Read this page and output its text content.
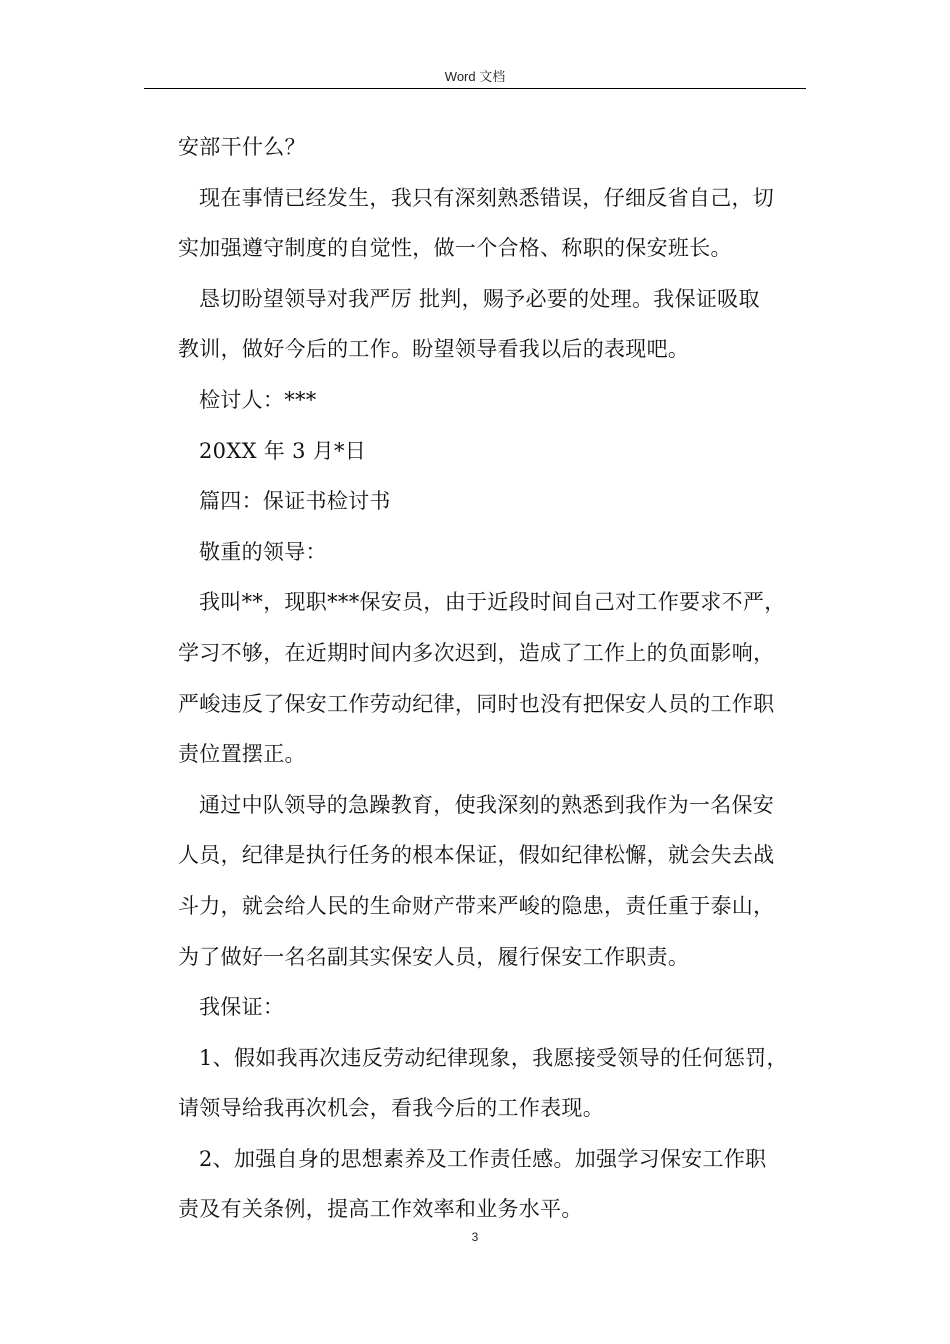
Word 文档
安部干什么？
现在事情已经发生，我只有深刻熟悉错误，仔细反省自己，切
实加强遵守制度的自觉性，做一个合格、称职的保安班长。
恳切盼望领导对我严厉 批判，赐予必要的处理。我保证吸取
教训，做好今后的工作。盼望领导看我以后的表现吧。
检讨人：***
20XX 年 3 月*日
篇四：保证书检讨书
敬重的领导：
我叫**，现职***保安员，由于近段时间自己对工作要求不严，
学习不够，在近期时间内多次迟到，造成了工作上的负面影响，
严峻违反了保安工作劳动纪律，同时也没有把保安人员的工作职
责位置摆正。
通过中队领导的急躁教育，使我深刻的熟悉到我作为一名保安
人员，纪律是执行任务的根本保证，假如纪律松懈，就会失去战
斗力，就会给人民的生命财产带来严峻的隐患，责任重于泰山，
为了做好一名名副其实保安人员，履行保安工作职责。
我保证：
1、假如我再次违反劳动纪律现象，我愿接受领导的任何惩罚，
请领导给我再次机会，看我今后的工作表现。
2、加强自身的思想素养及工作责任感。加强学习保安工作职
责及有关条例，提高工作效率和业务水平。
3
